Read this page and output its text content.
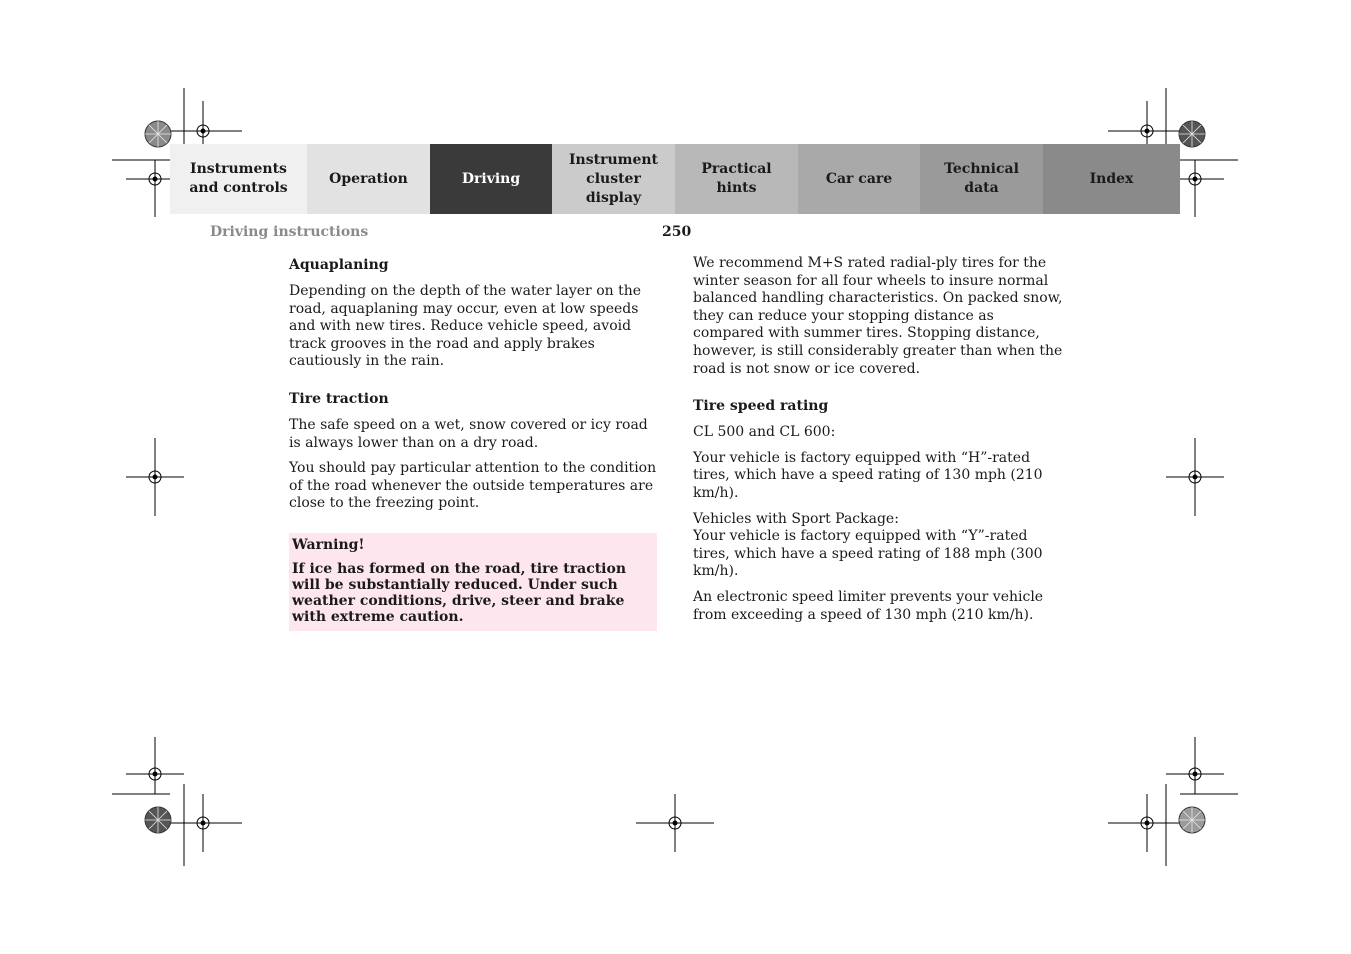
Instruments
and controls
Operation	Driving
Instrument
cluster display
Practical hints
Car care
Technical
data
Index
Driving instructions	250
Aquaplaning

Depending on the depth of the water layer on the road, aquaplaning may occur, even at low speeds and with new tires. Reduce vehicle speed, avoid track grooves in the road and apply brakes cautiously in the rain.

Tire traction

The safe speed on a wet, snow covered or icy road is always lower than on a dry road.

You should pay particular attention to the condition of the road whenever the outside temperatures are close to the freezing point.

Warning!

If ice has formed on the road, tire traction will be substantially reduced. Under such weather conditions, drive, steer and brake with extreme caution.

We recommend M+S rated radial-ply tires for the winter season for all four wheels to insure normal balanced handling characteristics. On packed snow, they can reduce your stopping distance as compared with summer tires. Stopping distance, however, is still considerably greater than when the road is not snow or ice covered.

Tire speed rating

CL 500 and CL 600:

Your vehicle is factory equipped with “H”-rated tires, which have a speed rating of 130 mph (210 km/h).

Vehicles with Sport Package:

Your vehicle is factory equipped with “Y”-rated tires, which have a speed rating of 188 mph (300 km/h).

An electronic speed limiter prevents your vehicle from exceeding a speed of 130 mph (210 km/h).
